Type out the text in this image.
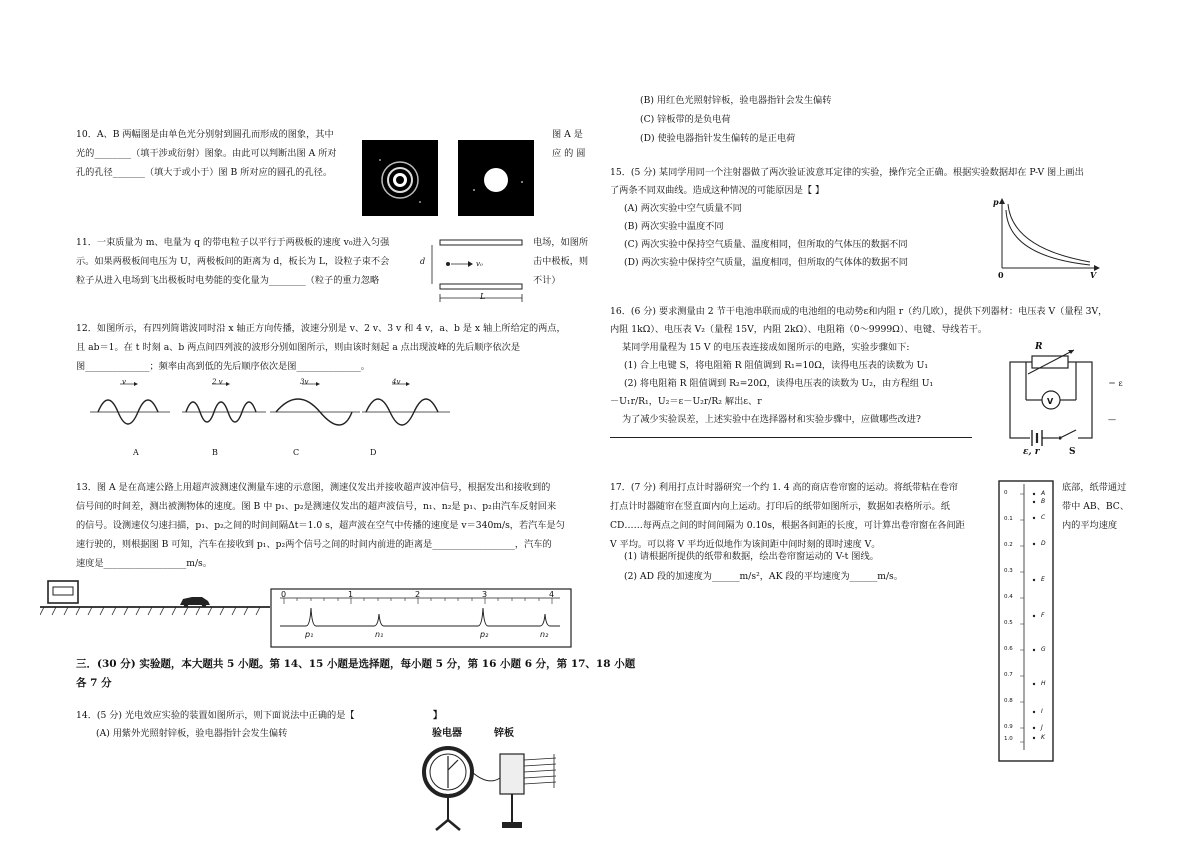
10．A、B 两幅图是由单色光分别射到圆孔而形成的图象，其中
光的________（填干涉或衍射）图象。由此可以判断出图 A 所对
孔的孔径_______（填大于或小于）图 B 所对应的圆孔的孔径。
图 A 是
应 的 圆
11．一束质量为 m、电量为 q 的带电粒子以平行于两极板的速度 v₀进入匀强
示。如果两极板间电压为 U，两极板间的距离为 d，板长为 L，设粒子束不会
粒子从进入电场到飞出极板时电势能的变化量为________（粒子的重力忽略
电场，如图所
击中极板，则
不计）
d	v₀
L
12．如图所示，有四列简谐波同时沿 x 轴正方向传播，波速分别是 v、2 v、3 v 和 4 v，a、b 是 x 轴上所给定的两点，
且 ab＝1。在 t 时刻 a、b 两点间四列波的波形分别如图所示，则由该时刻起 a 点出现波峰的先后顺序依次是
图______________；频率由高到低的先后顺序依次是图______________。
v	2 v	3v	4v
A	B	C	D
13．图 A 是在高速公路上用超声波测速仪测量车速的示意图，测速仪发出并接收超声波冲信号，根据发出和接收到的
信号间的时间差，测出被测物体的速度。图 B 中 p₁、p₂是测速仪发出的超声波信号，n₁、n₂是 p₁、p₂由汽车反射回来
的信号。设测速仪匀速扫描，p₁、p₂之间的时间间隔Δt＝1.0 s，超声波在空气中传播的速度是 v＝340m/s，若汽车是匀
速行驶的，则根据图 B 可知，汽车在接收到 p₁、p₂两个信号之间的时间内前进的距离是__________________，汽车的
速度是__________________m/s。
0	1	2	3	4
p₁	n₁	p₂	n₂
三．(30 分) 实验题，本大题共 5 小题。第 14、15 小题是选择题，每小题 5 分，第 16 小题 6 分，第 17、18 小题
各 7 分
14．(5 分) 光电效应实验的装置如图所示，则下面说法中正确的是【	】
(A) 用紫外光照射锌板，验电器指针会发生偏转	验电器	锌板
(B) 用红色光照射锌板，验电器指针会发生偏转
(C) 锌板带的是负电荷
(D) 使验电器指针发生偏转的是正电荷
15．(5 分) 某同学用同一个注射器做了两次验证波意耳定律的实验，操作完全正确。根据实验数据却在 P-V 图上画出
了两条不同双曲线。造成这种情况的可能原因是【 】
(A) 两次实验中空气质量不同
(B) 两次实验中温度不同
(C) 两次实验中保持空气质量、温度相同，但所取的气体压的数据不同
(D) 两次实验中保持空气质量，温度相同，但所取的气体体的数据不同
p
V
0
16．(6 分) 要求测量由 2 节干电池串联而成的电池组的电动势ε和内阻 r（约几欧），提供下列器材：电压表 V（量程 3V，
内阻 1kΩ）、电压表 V₂（量程 15V，内阻 2kΩ）、电阻箱（0～9999Ω）、电键、导线若干。
某同学用量程为 15 V 的电压表连接成如图所示的电路，实验步骤如下:
(1) 合上电键 S，将电阻箱 R 阻值调到 R₁=10Ω，读得电压表的读数为 U₁
(2) 将电阻箱 R 阻值调到 R₂=20Ω，读得电压表的读数为 U₂，由方程组 U₁
－U₁r/R₁，U₂＝ε－U₂r/R₂ 解出ε、r
为了减少实验误差，上述实验中在选择器材和实验步骤中，应做哪些改进?
＝ ε
—
R
V
ε, r	S
17．(7 分) 利用打点计时器研究一个约 1. 4 高的商店卷帘窗的运动。将纸带粘在卷帘
打点计时器随帘在竖直面内向上运动。打印后的纸带如图所示，数据如表格所示。纸
CD……每两点之间的时间间隔为 0.10s，根据各间距的长度，可计算出卷帘窗在各间距
V 平均。可以将 V 平均近似地作为该间距中间时刻的即时速度 V。
(1) 请根据所提供的纸带和数据，绘出卷帘窗运动的 V-t 图线。
(2) AD 段的加速度为______m/s²，AK 段的平均速度为______m/s。
底部，纸带通过
带中 AB、BC、
内的平均速度
A
B
C
D
E
F
G
H
I
J
K
0
0.1
0.2
0.3
0.4
0.5
0.6
0.7
0.8
0.9
1.0
